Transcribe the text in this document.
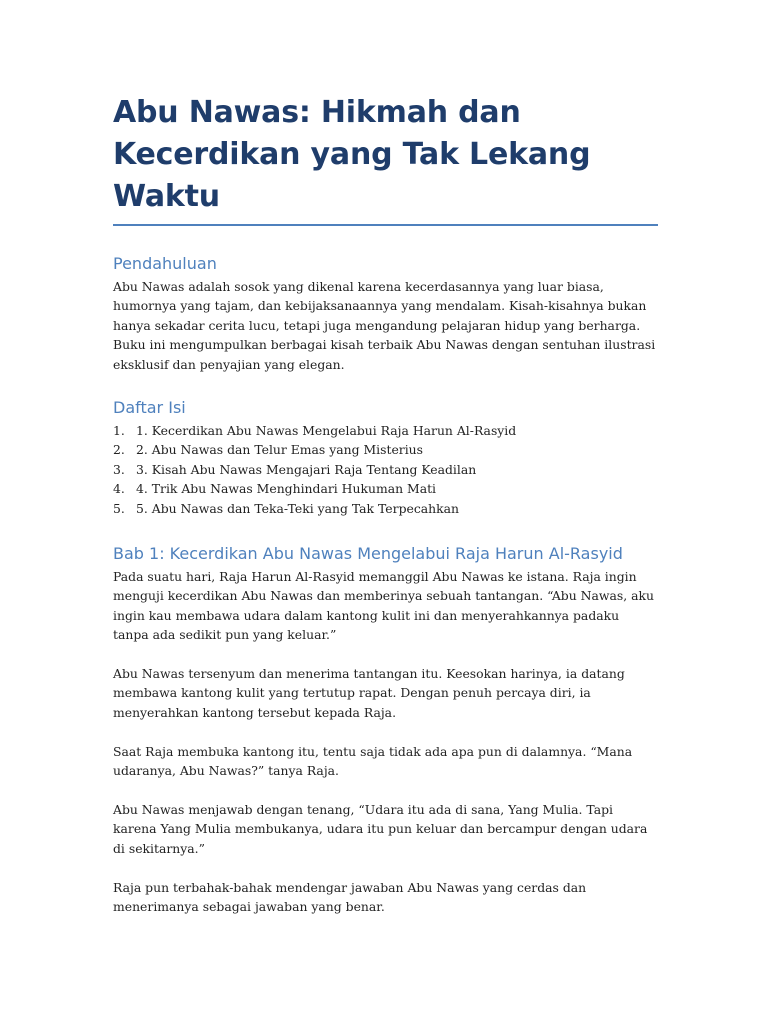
Abu Nawas: Hikmah dan Kecerdikan yang Tak Lekang Waktu
Pendahuluan

Abu Nawas adalah sosok yang dikenal karena kecerdasannya yang luar biasa, humornya yang tajam, dan kebijaksanaannya yang mendalam. Kisah-kisahnya bukan hanya sekadar cerita lucu, tetapi juga mengandung pelajaran hidup yang berharga. Buku ini mengumpulkan berbagai kisah terbaik Abu Nawas dengan sentuhan ilustrasi eksklusif dan penyajian yang elegan.

Daftar Isi
1. 1. Kecerdikan Abu Nawas Mengelabui Raja Harun Al-Rasyid
2. 2. Abu Nawas dan Telur Emas yang Misterius
3. 3. Kisah Abu Nawas Mengajari Raja Tentang Keadilan
4. 4. Trik Abu Nawas Menghindari Hukuman Mati
5. 5. Abu Nawas dan Teka-Teki yang Tak Terpecahkan
Bab 1: Kecerdikan Abu Nawas Mengelabui Raja Harun Al-Rasyid

Pada suatu hari, Raja Harun Al-Rasyid memanggil Abu Nawas ke istana. Raja ingin menguji kecerdikan Abu Nawas dan memberinya sebuah tantangan. “Abu Nawas, aku ingin kau membawa udara dalam kantong kulit ini dan menyerahkannya padaku tanpa ada sedikit pun yang keluar.”

Abu Nawas tersenyum dan menerima tantangan itu. Keesokan harinya, ia datang membawa kantong kulit yang tertutup rapat. Dengan penuh percaya diri, ia menyerahkan kantong tersebut kepada Raja.

Saat Raja membuka kantong itu, tentu saja tidak ada apa pun di dalamnya. “Mana udaranya, Abu Nawas?” tanya Raja.

Abu Nawas menjawab dengan tenang, “Udara itu ada di sana, Yang Mulia. Tapi karena Yang Mulia membukanya, udara itu pun keluar dan bercampur dengan udara di sekitarnya.”

Raja pun terbahak-bahak mendengar jawaban Abu Nawas yang cerdas dan menerimanya sebagai jawaban yang benar.
